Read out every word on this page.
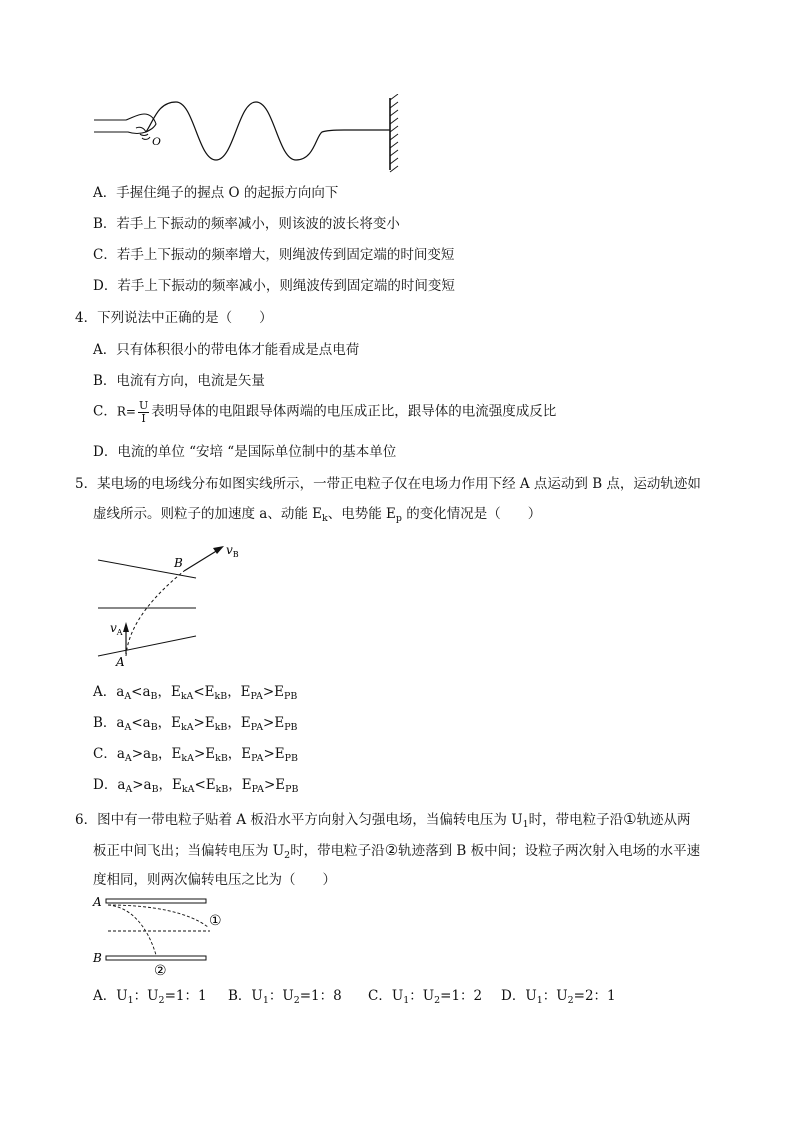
O
A．手握住绳子的握点 O 的起振方向向下
B．若手上下振动的频率减小，则该波的波长将变小
C．若手上下振动的频率增大，则绳波传到固定端的时间变短
D．若手上下振动的频率减小，则绳波传到固定端的时间变短
4．下列说法中正确的是（　　）
A．只有体积很小的带电体才能看成是点电荷
B．电流有方向，电流是矢量
C．$R= \frac{U}{I}$ 表明导体的电阻跟导体两端的电压成正比，跟导体的电流强度成反比
D．电流的单位 “安培 “是国际单位制中的基本单位
5．某电场的电场线分布如图实线所示，一带正电粒子仅在电场力作用下经 A 点运动到 B 点，运动轨迹如
虚线所示。则粒子的加速度 a、动能 $E_k$、电势能 $E_p$ 的变化情况是（　　）
A
B
$v_A$
$v_B$
A．$a_A<a_B$，$E_{kA}<E_{kB}$，$E_{PA}>E_{PB}$
B．$a_A<a_B$，$E_{kA}>E_{kB}$，$E_{PA}>E_{PB}$
C．$a_A>a_B$，$E_{kA}>E_{kB}$，$E_{PA}>E_{PB}$
D．$a_A>a_B$，$E_{kA}<E_{kB}$，$E_{PA}>E_{PB}$
6．图中有一带电粒子贴着 A 板沿水平方向射入匀强电场，当偏转电压为 $U_1$时，带电粒子沿①轨迹从两
板正中间飞出；当偏转电压为 $U_2$时，带电粒子沿②轨迹落到 B 板中间；设粒子两次射入电场的水平速
度相同，则两次偏转电压之比为（　　）
A
B
①
②
A．$U_1$：$U_2=1$：1 B．$U_1$：$U_2=1$：8 C．$U_1$：$U_2=1$：2 D．$U_1$：$U_2=2$：1
